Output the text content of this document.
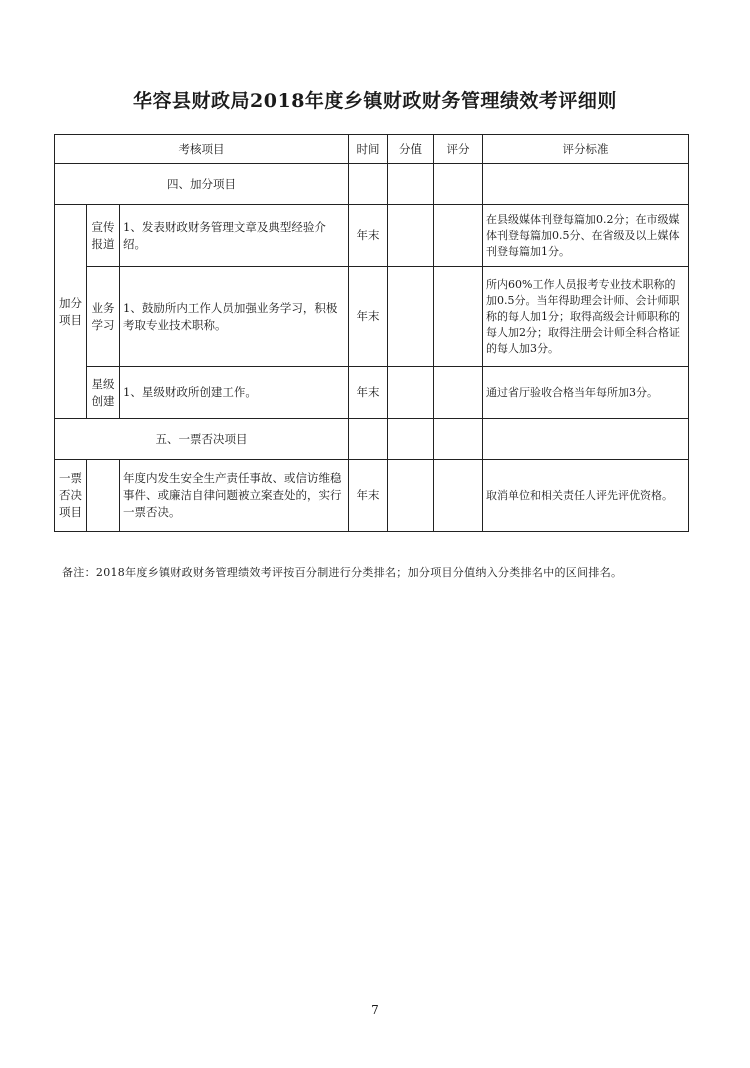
华容县财政局2018年度乡镇财政财务管理绩效考评细则
考核项目			时间	分值	评分	评分标准
四、加分项目						
加分项目	宣传报道	1、发表财政财务管理文章及典型经验介绍。	年末			在县级媒体刊登每篇加0.2分；在市级媒体刊登每篇加0.5分、在省级及以上媒体刊登每篇加1分。
	业务学习	1、鼓励所内工作人员加强业务学习，积极考取专业技术职称。	年末			所内60%工作人员报考专业技术职称的加0.5分。当年得助理会计师、会计师职称的每人加1分；取得高级会计师职称的每人加2分；取得注册会计师全科合格证的每人加3分。
	星级创建	1、星级财政所创建工作。	年末			通过省厅验收合格当年每所加3分。
五、一票否决项目						
一票否决项目		年度内发生安全生产责任事故、或信访维稳事件、或廉洁自律问题被立案查处的，实行一票否决。	年末			取消单位和相关责任人评先评优资格。
备注：2018年度乡镇财政财务管理绩效考评按百分制进行分类排名；加分项目分值纳入分类排名中的区间排名。
7
